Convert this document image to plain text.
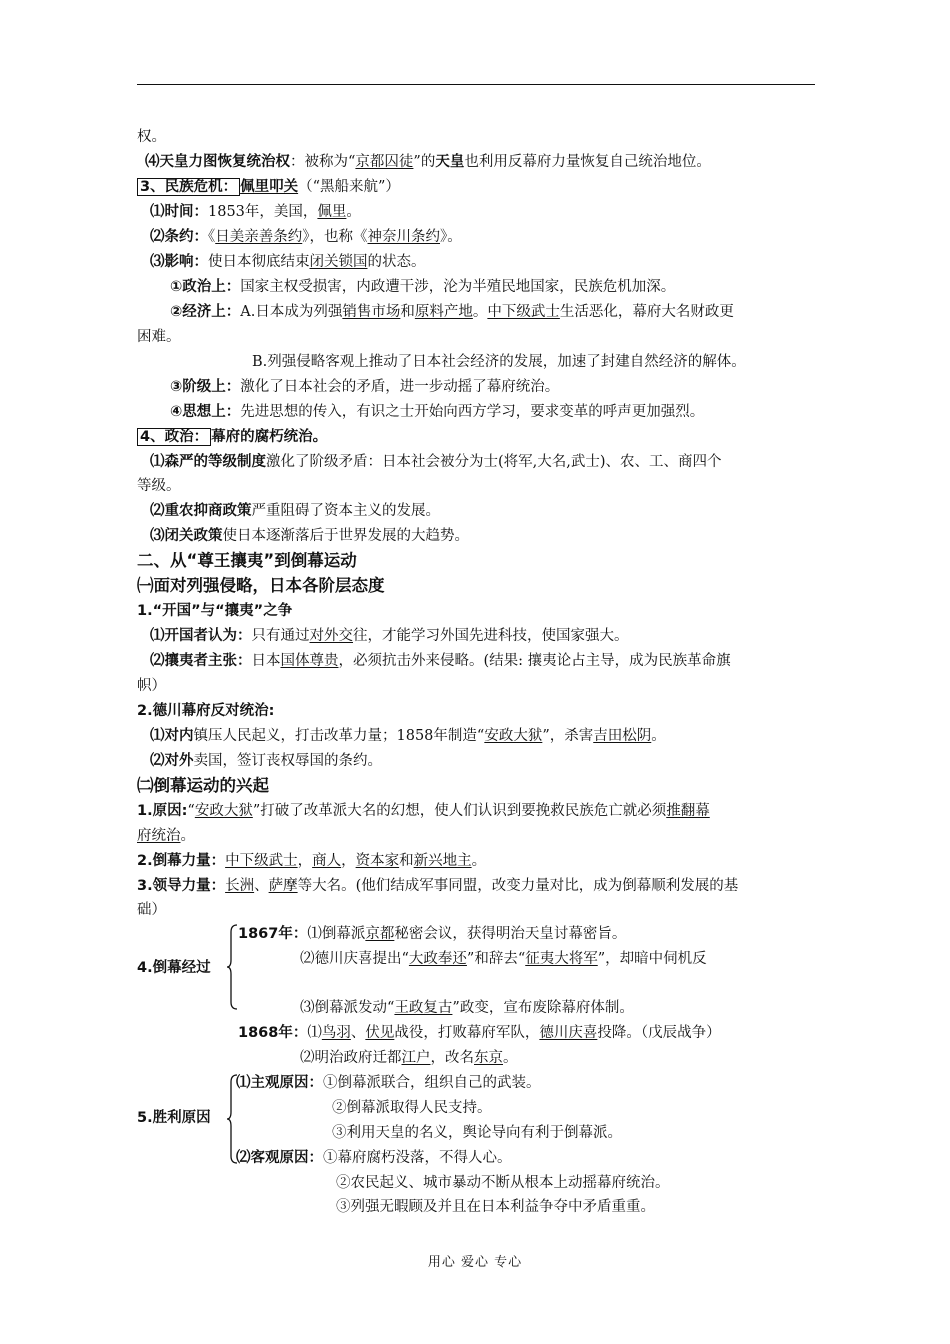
权。
⑷天皇力图恢复统治权：被称为“京都囚徒”的天皇也利用反幕府力量恢复自己统治地位。
3、民族危机： 佩里叩关（“黑船来航”）
⑴时间：1853年，美国，佩里。
⑵条约：《日美亲善条约》，也称《神奈川条约》。
⑶影响：使日本彻底结束闭关锁国的状态。
①政治上：国家主权受损害，内政遭干涉，沦为半殖民地国家，民族危机加深。
②经济上：A.日本成为列强销售市场和原料产地。中下级武士生活恶化，幕府大名财政更
困难。
B.列强侵略客观上推动了日本社会经济的发展，加速了封建自然经济的解体。
③阶级上：激化了日本社会的矛盾，进一步动摇了幕府统治。
④思想上：先进思想的传入，有识之士开始向西方学习，要求变革的呼声更加强烈。
4、政治： 幕府的腐朽统治。
⑴森严的等级制度激化了阶级矛盾：日本社会被分为士(将军,大名,武士)、农、工、商四个
等级。
⑵重农抑商政策严重阻碍了资本主义的发展。
⑶闭关政策使日本逐渐落后于世界发展的大趋势。
二、从“尊王攘夷”到倒幕运动
㈠面对列强侵略，日本各阶层态度
1.“开国”与“攘夷”之争
⑴开国者认为：只有通过对外交往，才能学习外国先进科技，使国家强大。
⑵攘夷者主张：日本国体尊贵，必须抗击外来侵略。(结果: 攘夷论占主导，成为民族革命旗
帜）
2.德川幕府反对统治:
⑴对内镇压人民起义，打击改革力量；1858年制造“安政大狱”，杀害吉田松阴。
⑵对外卖国，签订丧权辱国的条约。
㈡倒幕运动的兴起
1.原因:“安政大狱”打破了改革派大名的幻想，使人们认识到要挽救民族危亡就必须推翻幕
府统治。
2.倒幕力量：中下级武士，商人，资本家和新兴地主。
3.领导力量：长洲、萨摩等大名。(他们结成军事同盟，改变力量对比，成为倒幕顺利发展的基
础）
4.倒幕经过
1867年：⑴倒幕派京都秘密会议，获得明治天皇讨幕密旨。
⑵德川庆喜提出“大政奉还”和辞去“征夷大将军”，却暗中伺机反
⑶倒幕派发动“王政复古”政变，宣布废除幕府体制。
1868年：⑴鸟羽、伏见战役，打败幕府军队，德川庆喜投降。（戊辰战争）
⑵明治政府迁都江户，改名东京。
5.胜利原因
⑴主观原因：①倒幕派联合，组织自己的武装。
②倒幕派取得人民支持。
③利用天皇的名义，舆论导向有利于倒幕派。
⑵客观原因：①幕府腐朽没落，不得人心。
②农民起义、城市暴动不断从根本上动摇幕府统治。
③列强无暇顾及并且在日本利益争夺中矛盾重重。
用心 爱心 专心
